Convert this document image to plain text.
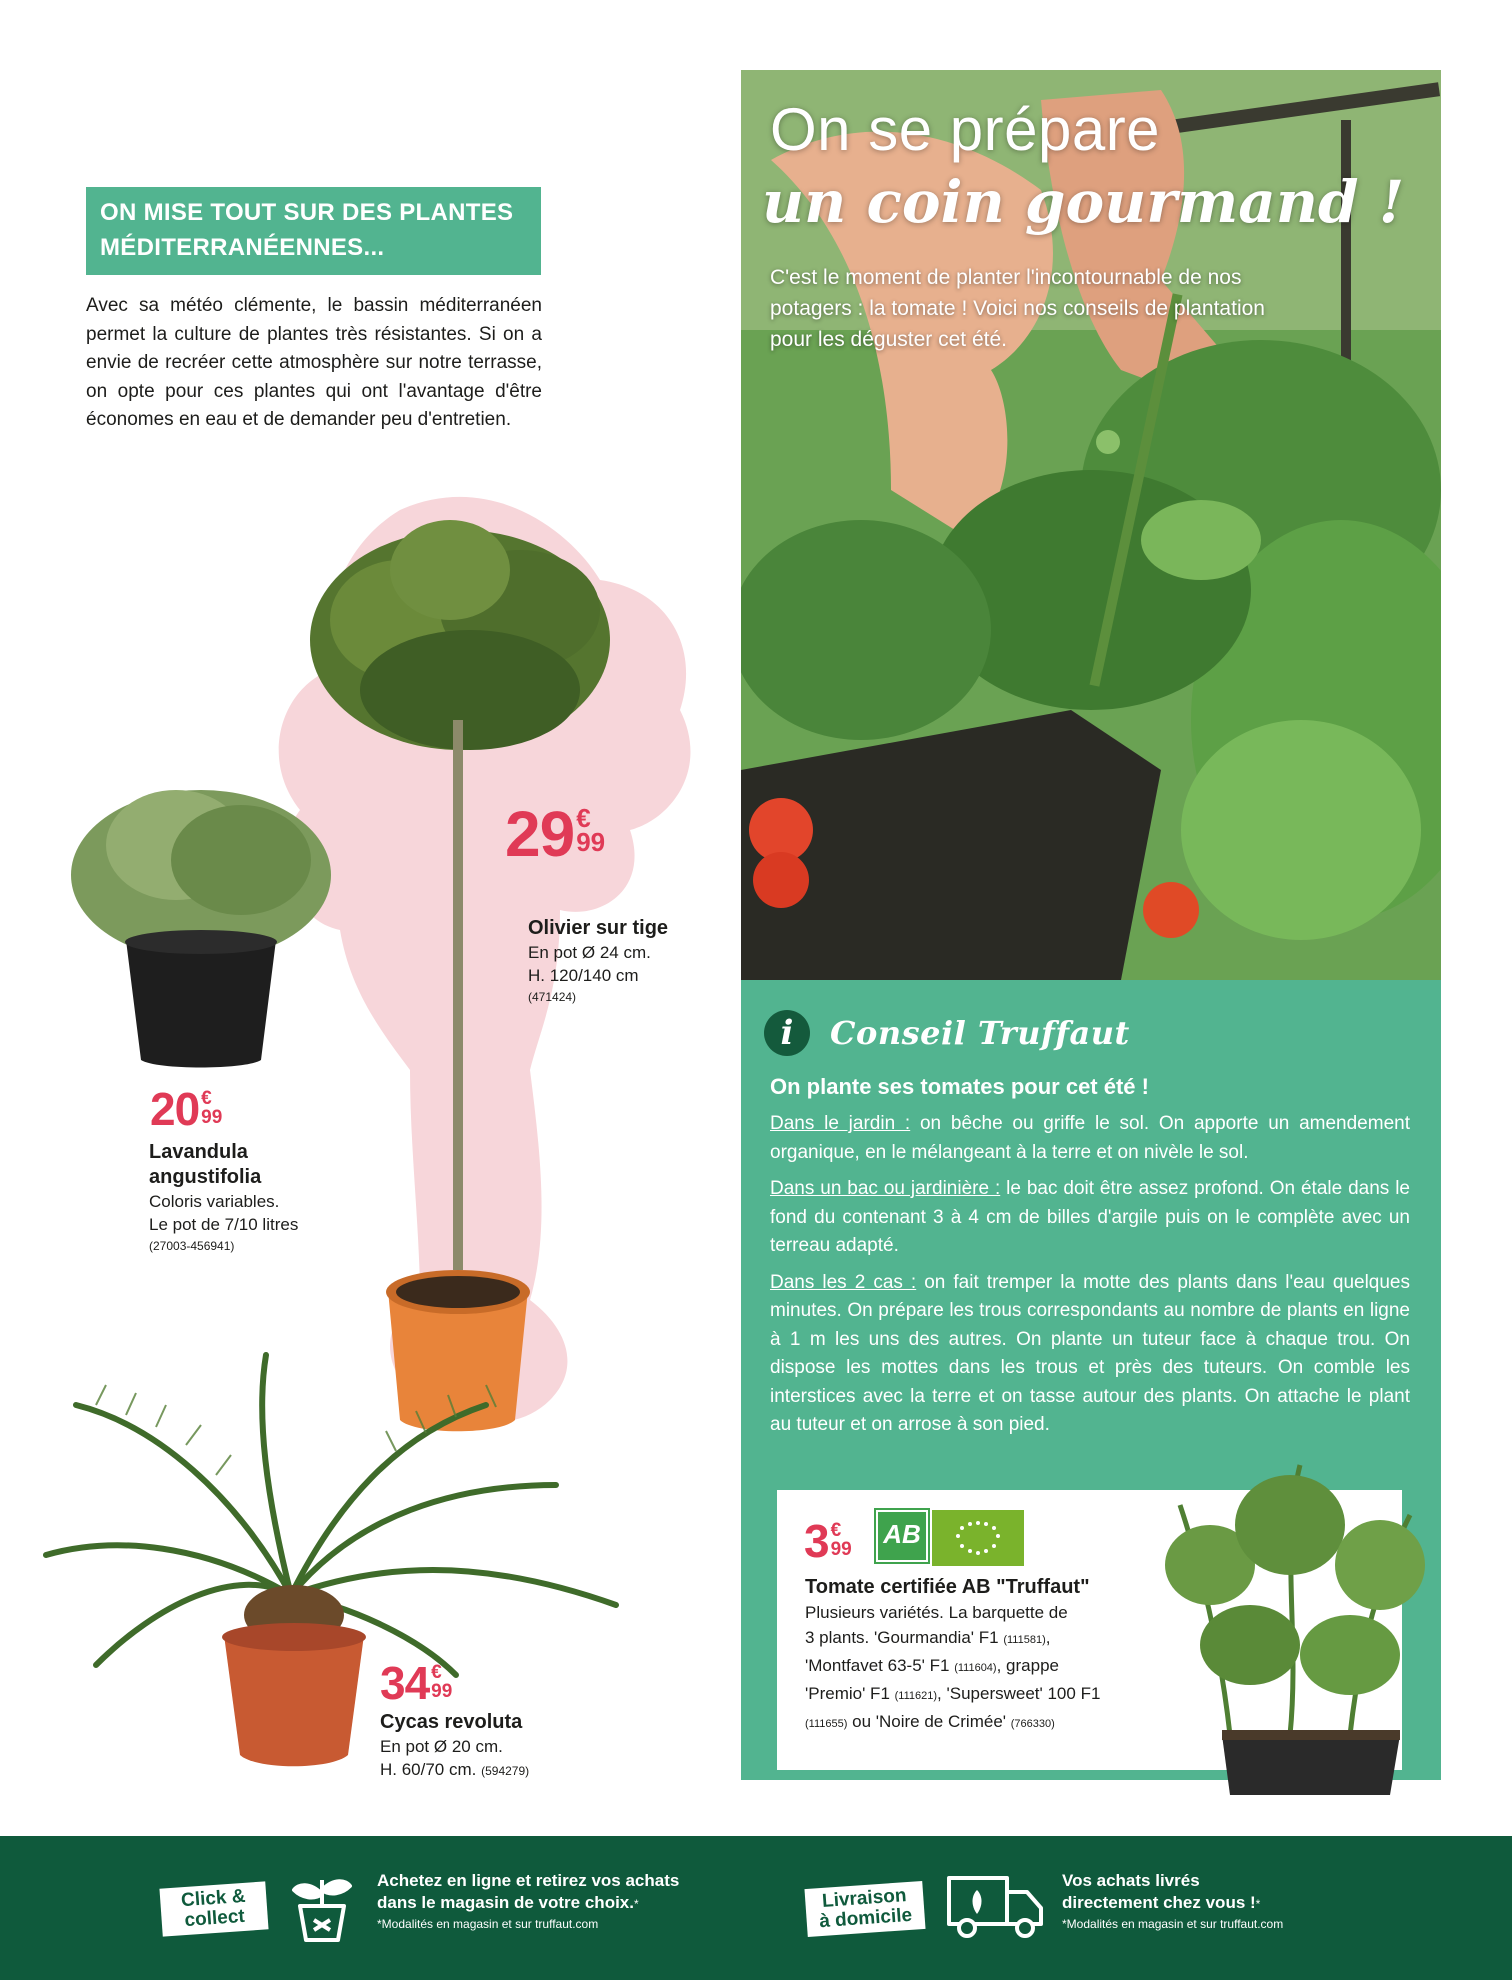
ON MISE TOUT SUR DES PLANTES
MÉDITERRANÉENNES...
Avec sa météo clémente, le bassin méditerranéen permet la culture de plantes très résistantes. Si on a envie de recréer cette atmosphère sur notre terrasse, on opte pour ces plantes qui ont l'avantage d'être économes en eau et de demander peu d'entretien.
29 €
99
Olivier sur tige
En pot Ø 24 cm.
H. 120/140 cm
(471424)
20 €
99
Lavandula
angustifolia
Coloris variables.
Le pot de 7/10 litres
(27003-456941)
34 €
99
Cycas revoluta
En pot Ø 20 cm.
H. 60/70 cm. (594279)
On se prépare
un coin gourmand !
C'est le moment de planter l'incontournable de nos potagers : la tomate ! Voici nos conseils de plantation pour les déguster cet été.
i	Conseil Truffaut
On plante ses tomates pour cet été !

Dans le jardin : on bêche ou griffe le sol. On apporte un amendement organique, en le mélangeant à la terre et on nivèle le sol.

Dans un bac ou jardinière : le bac doit être assez profond. On étale dans le fond du contenant 3 à 4 cm de billes d'argile puis on le complète avec un terreau adapté.

Dans les 2 cas : on fait tremper la motte des plants dans l'eau quelques minutes. On prépare les trous correspondants au nombre de plants en ligne à 1 m les uns des autres. On plante un tuteur face à chaque trou. On dispose les mottes dans les trous et près des tuteurs. On comble les interstices avec la terre et on tasse autour des plants. On attache le plant au tuteur et on arrose à son pied.

3 €
99
AB
Tomate certifiée AB "Truffaut"
Plusieurs variétés. La barquette de
3 plants. 'Gourmandia' F1 (111581),
'Montfavet 63-5' F1 (111604), grappe
'Premio' F1 (111621), 'Supersweet' 100 F1
(111655) ou 'Noire de Crimée' (766330)
Click &
collect
Achetez en ligne et retirez vos achats
dans le magasin de votre choix.*
*Modalités en magasin et sur truffaut.com
Livraison
à domicile
Vos achats livrés
directement chez vous !*
*Modalités en magasin et sur truffaut.com
